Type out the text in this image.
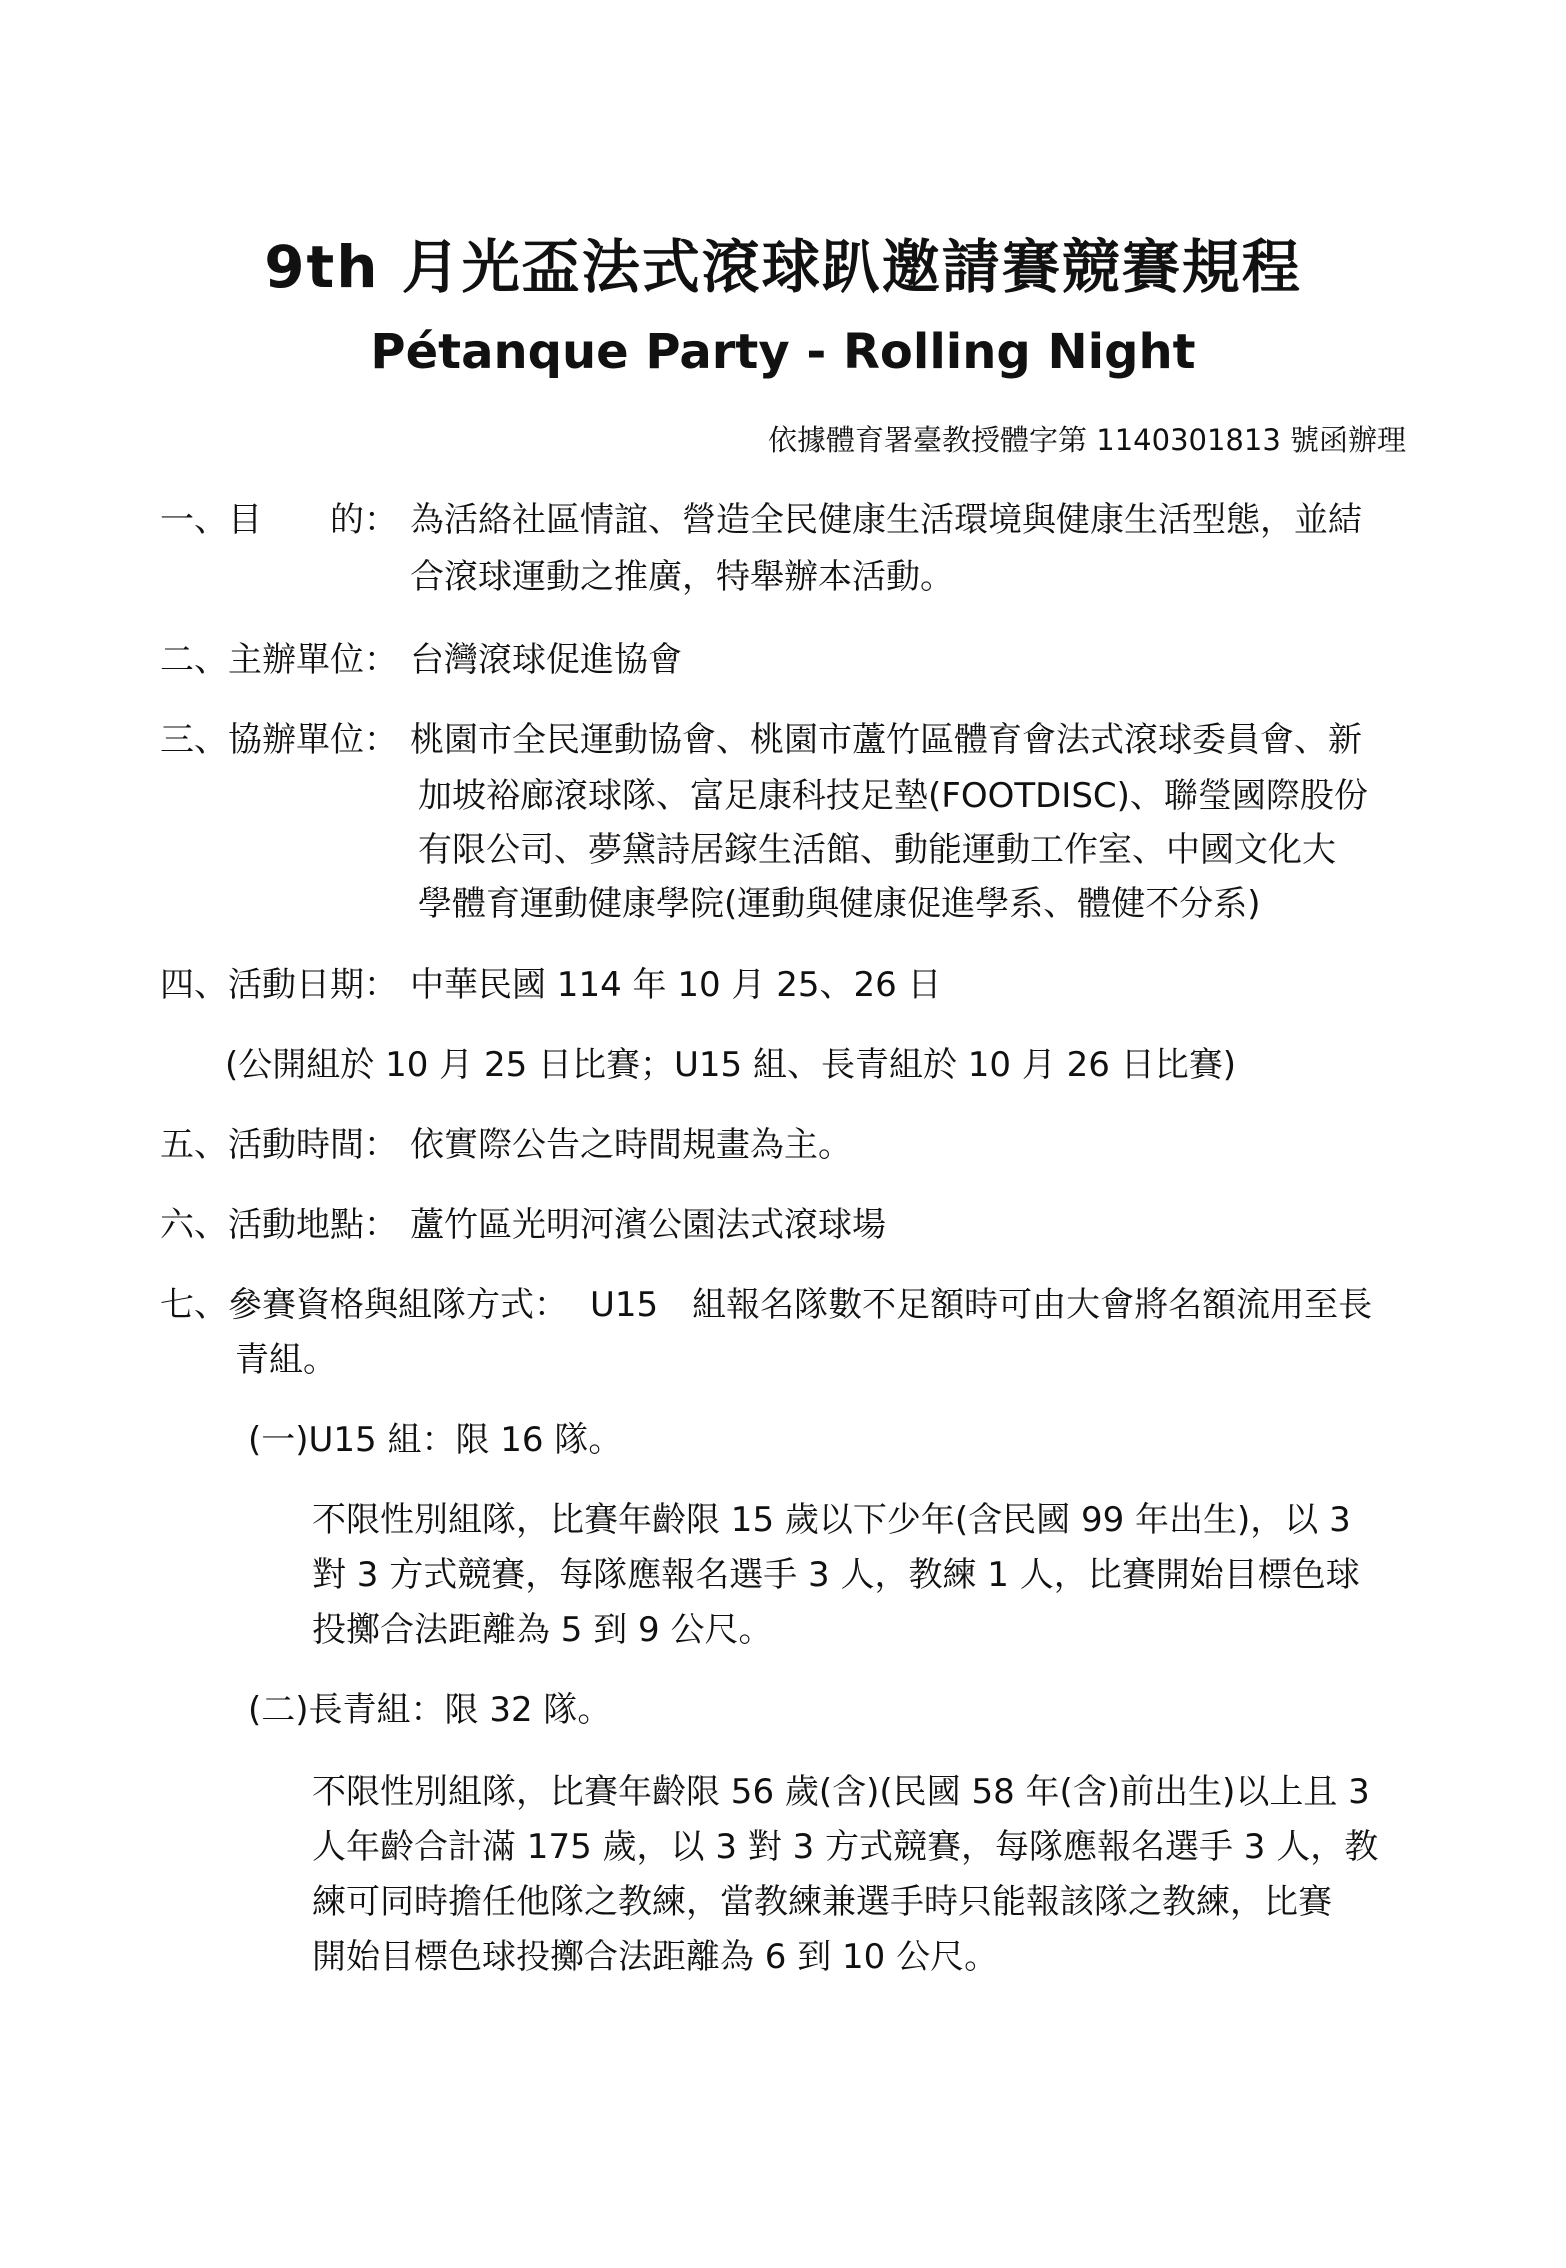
9th 月光盃法式滾球趴邀請賽競賽規程
Pétanque Party - Rolling Night
依據體育署臺教授體字第 1140301813 號函辦理
一、目　　的： 為活絡社區情誼、營造全民健康生活環境與健康生活型態，並結
合滾球運動之推廣，特舉辦本活動。
二、主辦單位： 台灣滾球促進協會
三、協辦單位： 桃園市全民運動協會、桃園市蘆竹區體育會法式滾球委員會、新
加坡裕廊滾球隊、富足康科技足墊(FOOTDISC)、聯瑩國際股份
有限公司、夢黛詩居鎵生活館、動能運動工作室、中國文化大
學體育運動健康學院(運動與健康促進學系、體健不分系)
四、活動日期： 中華民國 114 年 10 月 25、26 日
(公開組於 10 月 25 日比賽；U15 組、長青組於 10 月 26 日比賽)
五、活動時間： 依實際公告之時間規畫為主。
六、活動地點： 蘆竹區光明河濱公園法式滾球場
七、參賽資格與組隊方式： U15　組報名隊數不足額時可由大會將名額流用至長
青組。
(一)U15 組：限 16 隊。
不限性別組隊，比賽年齡限 15 歲以下少年(含民國 99 年出生)，以 3
對 3 方式競賽，每隊應報名選手 3 人，教練 1 人，比賽開始目標色球
投擲合法距離為 5 到 9 公尺。
(二)長青組：限 32 隊。
不限性別組隊，比賽年齡限 56 歲(含)(民國 58 年(含)前出生)以上且 3
人年齡合計滿 175 歲，以 3 對 3 方式競賽，每隊應報名選手 3 人，教
練可同時擔任他隊之教練，當教練兼選手時只能報該隊之教練，比賽
開始目標色球投擲合法距離為 6 到 10 公尺。
